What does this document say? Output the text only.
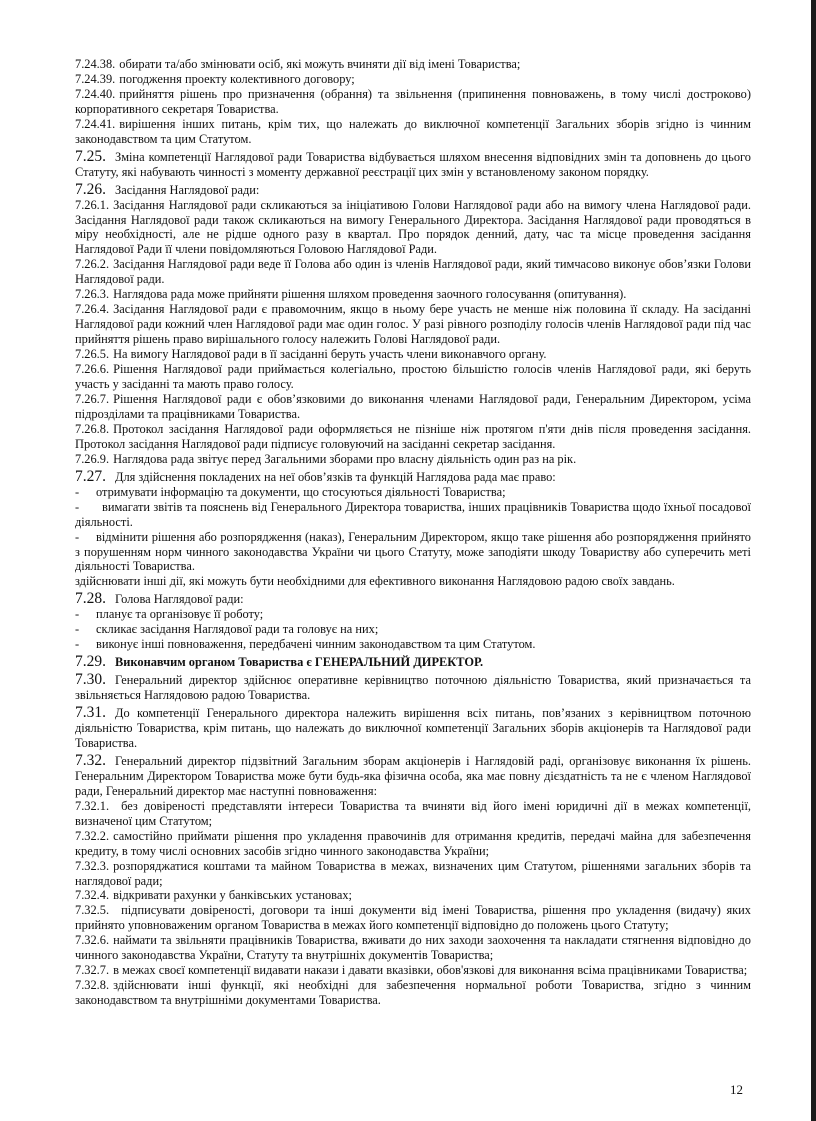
7.24.38. обирати та/або змінювати осіб, які можуть вчиняти дії від імені Товариства;

7.24.39. погодження проекту колективного договору;

7.24.40. прийняття рішень про призначення (обрання) та звільнення (припинення повноважень, в тому числі достроково) корпоративного секретаря Товариства.

7.24.41. вирішення інших питань, крім тих, що належать до виключної компетенції Загальних зборів згідно із чинним законодавством та цим Статутом.

7.25. Зміна компетенції Наглядової ради Товариства відбувається шляхом внесення відповідних змін та доповнень до цього Статуту, які набувають чинності з моменту державної реєстрації цих змін у встановленому законом порядку.

7.26. Засідання Наглядової ради:

7.26.1. Засідання Наглядової ради скликаються за ініціативою Голови Наглядової ради або на вимогу члена Наглядової ради. Засідання Наглядової ради також скликаються на вимогу Генерального Директора. Засідання Наглядової ради проводяться в міру необхідності, але не рідше одного разу в квартал. Про порядок денний, дату, час та місце проведення засідання Наглядової Ради її члени повідомляються Головою Наглядової Ради.

7.26.2. Засідання Наглядової ради веде її Голова або один із членів Наглядової ради, який тимчасово виконує обов’язки Голови Наглядової ради.

7.26.3. Наглядова рада може прийняти рішення шляхом проведення заочного голосування (опитування).

7.26.4. Засідання Наглядової ради є правомочним, якщо в ньому бере участь не менше ніж половина її складу. На засіданні Наглядової ради кожний член Наглядової ради має один голос. У разі рівного розподілу голосів членів Наглядової ради під час прийняття рішень право вирішального голосу належить Голові Наглядової ради.

7.26.5. На вимогу Наглядової ради в її засіданні беруть участь члени виконавчого органу.

7.26.6. Рішення Наглядової ради приймається колегіально, простою більшістю голосів членів Наглядової ради, які беруть участь у засіданні та мають право голосу.

7.26.7. Рішення Наглядової ради є обов’язковими до виконання членами Наглядової ради, Генеральним Директором, усіма підрозділами та працівниками Товариства.

7.26.8. Протокол засідання Наглядової ради оформляється не пізніше ніж протягом п'яти днів після проведення засідання. Протокол засідання Наглядової ради підписує головуючий на засіданні секретар засідання.

7.26.9. Наглядова рада звітує перед Загальними зборами про власну діяльність один раз на рік.

7.27. Для здійснення покладених на неї обов’язків та функцій Наглядова рада має право:

- отримувати інформацію та документи, що стосуються діяльності Товариства;

- вимагати звітів та пояснень від Генерального Директора товариства, інших працівників Товариства щодо їхньої посадової діяльності.

- відмінити рішення або розпорядження (наказ), Генеральним Директором, якщо таке рішення або розпорядження прийнято з порушенням норм чинного законодавства України чи цього Статуту, може заподіяти шкоду Товариству або суперечить меті діяльності Товариства.

здійснювати інші дії, які можуть бути необхідними для ефективного виконання Наглядовою радою своїх завдань.

7.28. Голова Наглядової ради:

- планує та організовує її роботу;

- скликає засідання Наглядової ради та головує на них;

- виконує інші повноваження, передбачені чинним законодавством та цим Статутом.

7.29. Виконавчим органом Товариства є ГЕНЕРАЛЬНИЙ ДИРЕКТОР.

7.30. Генеральний директор здійснює оперативне керівництво поточною діяльністю Товариства, який призначається та звільняється Наглядовою радою Товариства.

7.31. До компетенції Генерального директора належить вирішення всіх питань, пов’язаних з керівництвом поточною діяльністю Товариства, крім питань, що належать до виключної компетенції Загальних зборів акціонерів та Наглядової ради Товариства.

7.32. Генеральний директор підзвітний Загальним зборам акціонерів і Наглядовій раді, організовує виконання їх рішень. Генеральним Директором Товариства може бути будь-яка фізична особа, яка має повну дієздатність та не є членом Наглядової ради, Генеральний директор має наступні повноваження:

7.32.1. без довіреності представляти інтереси Товариства та вчиняти від його імені юридичні дії в межах компетенції, визначеної цим Статутом;

7.32.2. самостійно приймати рішення про укладення правочинів для отримання кредитів, передачі майна для забезпечення кредиту, в тому числі основних засобів згідно чинного законодавства України;

7.32.3. розпоряджатися коштами та майном Товариства в межах, визначених цим Статутом, рішеннями загальних зборів та наглядової ради;

7.32.4. відкривати рахунки у банківських установах;

7.32.5. підписувати довіреності, договори та інші документи від імені Товариства, рішення про укладення (видачу) яких прийнято уповноваженим органом Товариства в межах його компетенції відповідно до положень цього Статуту;

7.32.6. наймати та звільняти працівників Товариства, вживати до них заходи заохочення та накладати стягнення відповідно до чинного законодавства України, Статуту та внутрішніх документів Товариства;

7.32.7. в межах своєї компетенції видавати накази і давати вказівки, обов'язкові для виконання всіма працівниками Товариства;

7.32.8. здійснювати інші функції, які необхідні для забезпечення нормальної роботи Товариства, згідно з чинним законодавством та внутрішніми документами Товариства.

12
